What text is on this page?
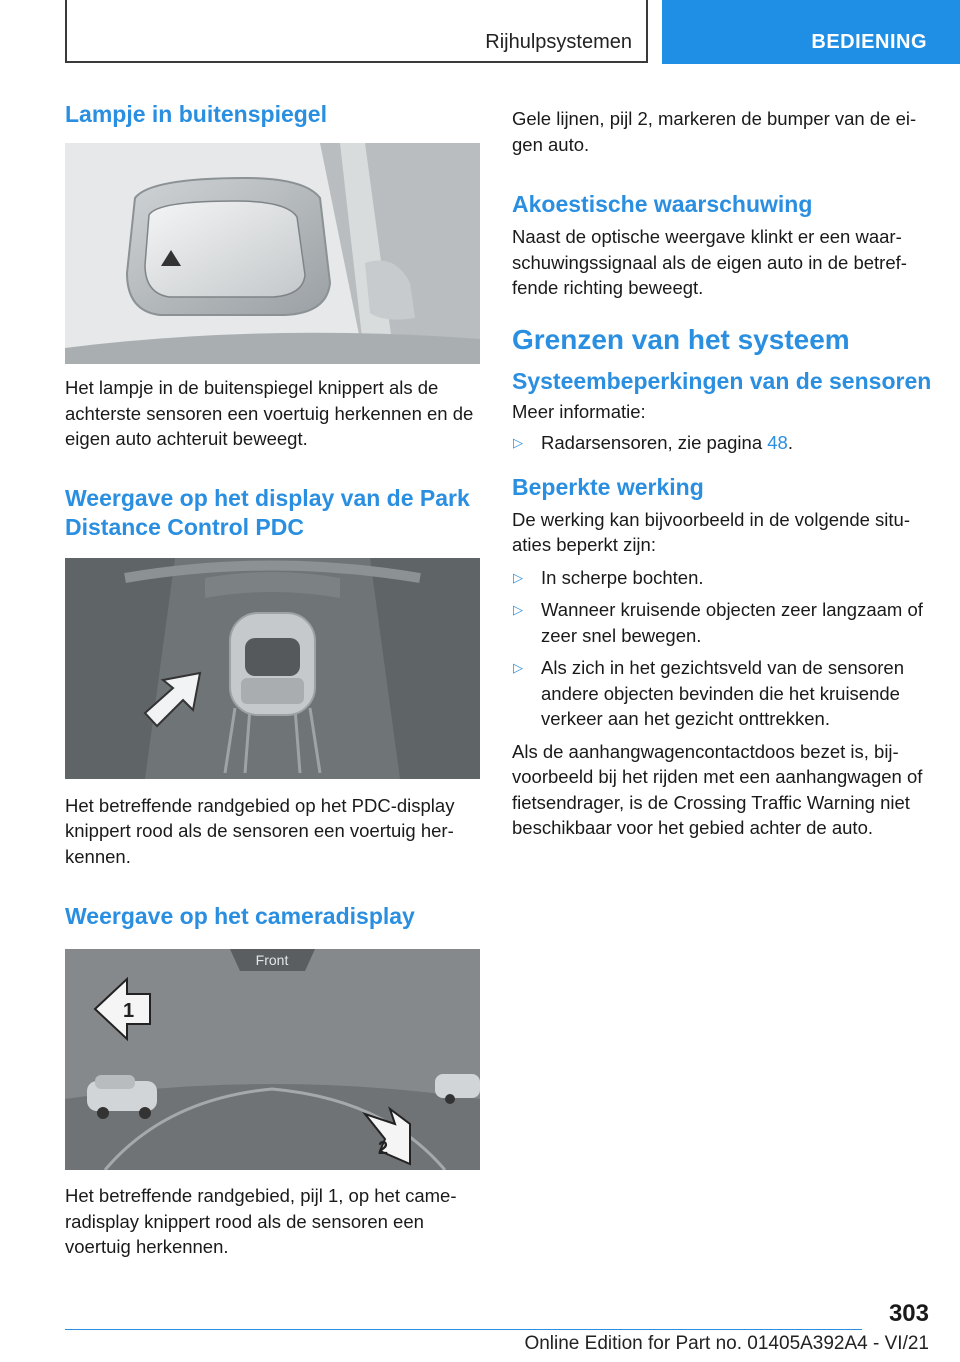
Rijhulpsystemen	BEDIENING
Lampje in buitenspiegel

Het lampje in de buitenspiegel knippert als de achterste sensoren een voertuig herkennen en de eigen auto achteruit beweegt.

Weergave op het display van de Park Distance Control PDC

Het betreffende randgebied op het PDC-display knippert rood als de sensoren een voertuig her-kennen.

Weergave op het cameradisplay
Front
1
2

Het betreffende randgebied, pijl 1, op het came-radisplay knippert rood als de sensoren een voertuig herkennen.

Gele lijnen, pijl 2, markeren de bumper van de ei-gen auto.

Akoestische waarschuwing

Naast de optische weergave klinkt er een waar-schuwingssignaal als de eigen auto in de betref-fende richting beweegt.

Grenzen van het systeem
Systeembeperkingen van de sensoren

Meer informatie:

▷ Radarsensoren, zie pagina 48.
Beperkte werking

De werking kan bijvoorbeeld in de volgende situ-aties beperkt zijn:

▷ In scherpe bochten.
▷ Wanneer kruisende objecten zeer langzaam of zeer snel bewegen.
▷ Als zich in het gezichtsveld van de sensoren andere objecten bevinden die het kruisende verkeer aan het gezicht onttrekken.

Als de aanhangwagencontactdoos bezet is, bij-voorbeeld bij het rijden met een aanhangwagen of fietsendrager, is de Crossing Traffic Warning niet beschikbaar voor het gebied achter de auto.

303
Online Edition for Part no. 01405A392A4 - VI/21
